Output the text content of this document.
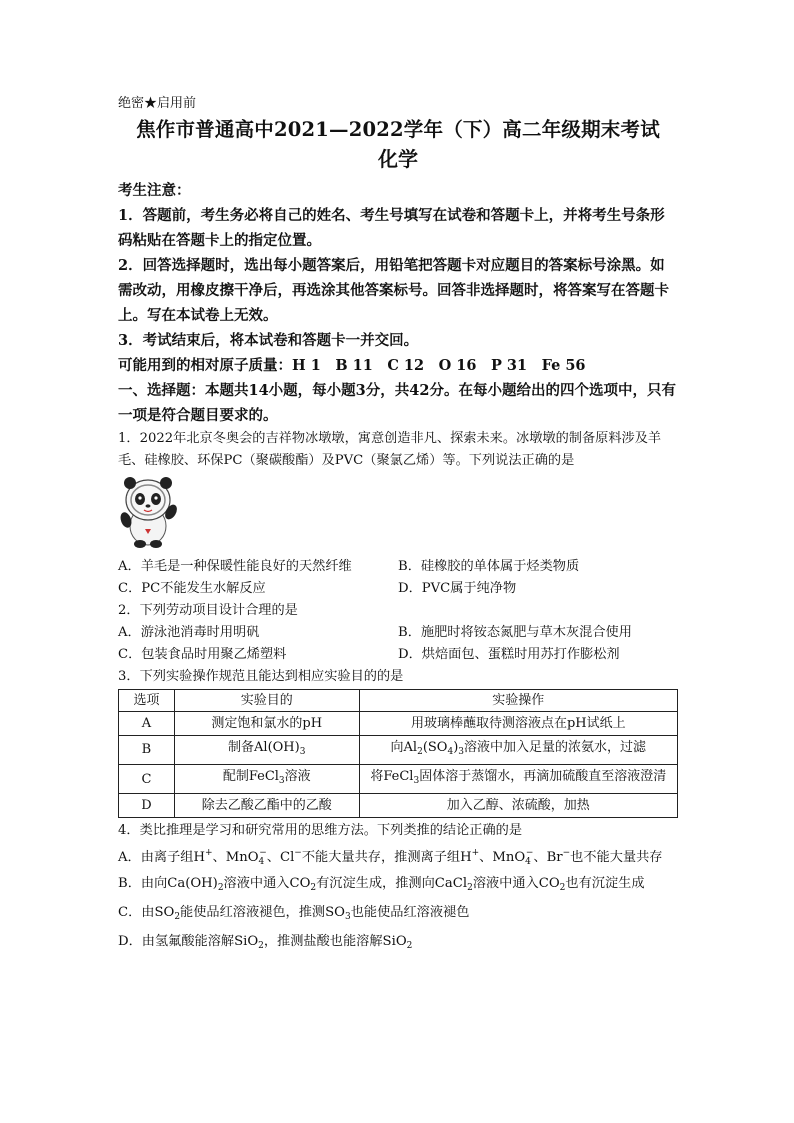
绝密★启用前
焦作市普通高中2021—2022学年（下）高二年级期末考试
化学

考生注意：

1．答题前，考生务必将自己的姓名、考生号填写在试卷和答题卡上，并将考生号条形码粘贴在答题卡上的指定位置。

2．回答选择题时，选出每小题答案后，用铅笔把答题卡对应题目的答案标号涂黑。如需改动，用橡皮擦干净后，再选涂其他答案标号。回答非选择题时，将答案写在答题卡上。写在本试卷上无效。

3．考试结束后，将本试卷和答题卡一并交回。

可能用到的相对原子质量：H 1　B 11　C 12　O 16　P 31　Fe 56

一、选择题：本题共14小题，每小题3分，共42分。在每小题给出的四个选项中，只有一项是符合题目要求的。

1．2022年北京冬奥会的吉祥物冰墩墩，寓意创造非凡、探索未来。冰墩墩的制备原料涉及羊毛、硅橡胶、环保PC（聚碳酸酯）及PVC（聚氯乙烯）等。下列说法正确的是

A．羊毛是一种保暖性能良好的天然纤维	B．硅橡胶的单体属于烃类物质
C．PC不能发生水解反应	D．PVC属于纯净物

2．下列劳动项目设计合理的是

A．游泳池消毒时用明矾	B．施肥时将铵态氮肥与草木灰混合使用
C．包装食品时用聚乙烯塑料	D．烘焙面包、蛋糕时用苏打作膨松剂

3．下列实验操作规范且能达到相应实验目的的是

选项	实验目的	实验操作
A	测定饱和氯水的pH	用玻璃棒蘸取待测溶液点在pH试纸上
B	制备$Al(OH)_3$	向$Al_2(SO_4)_3$溶液中加入足量的浓氨水，过滤
C	配制FeCl$_3$溶液	将FeCl$_3$固体溶于蒸馏水，再滴加硫酸直至溶液澄清
D	除去乙酸乙酯中的乙酸	加入乙醇、浓硫酸，加热

4．类比推理是学习和研究常用的思维方法。下列类推的结论正确的是

A．由离子组H+、MnO$_4$−、Cl−不能大量共存，推测离子组H+、MnO$_4$−、Br−也不能大量共存

B．由向$Ca(OH)_2$溶液中通入$CO_2$有沉淀生成，推测向CaCl$_2$溶液中通入$CO_2$也有沉淀生成

C．由$SO_2$能使品红溶液褪色，推测$SO_3$也能使品红溶液褪色

D．由氢氟酸能溶解SiO$_2$，推测盐酸也能溶解SiO$_2$
